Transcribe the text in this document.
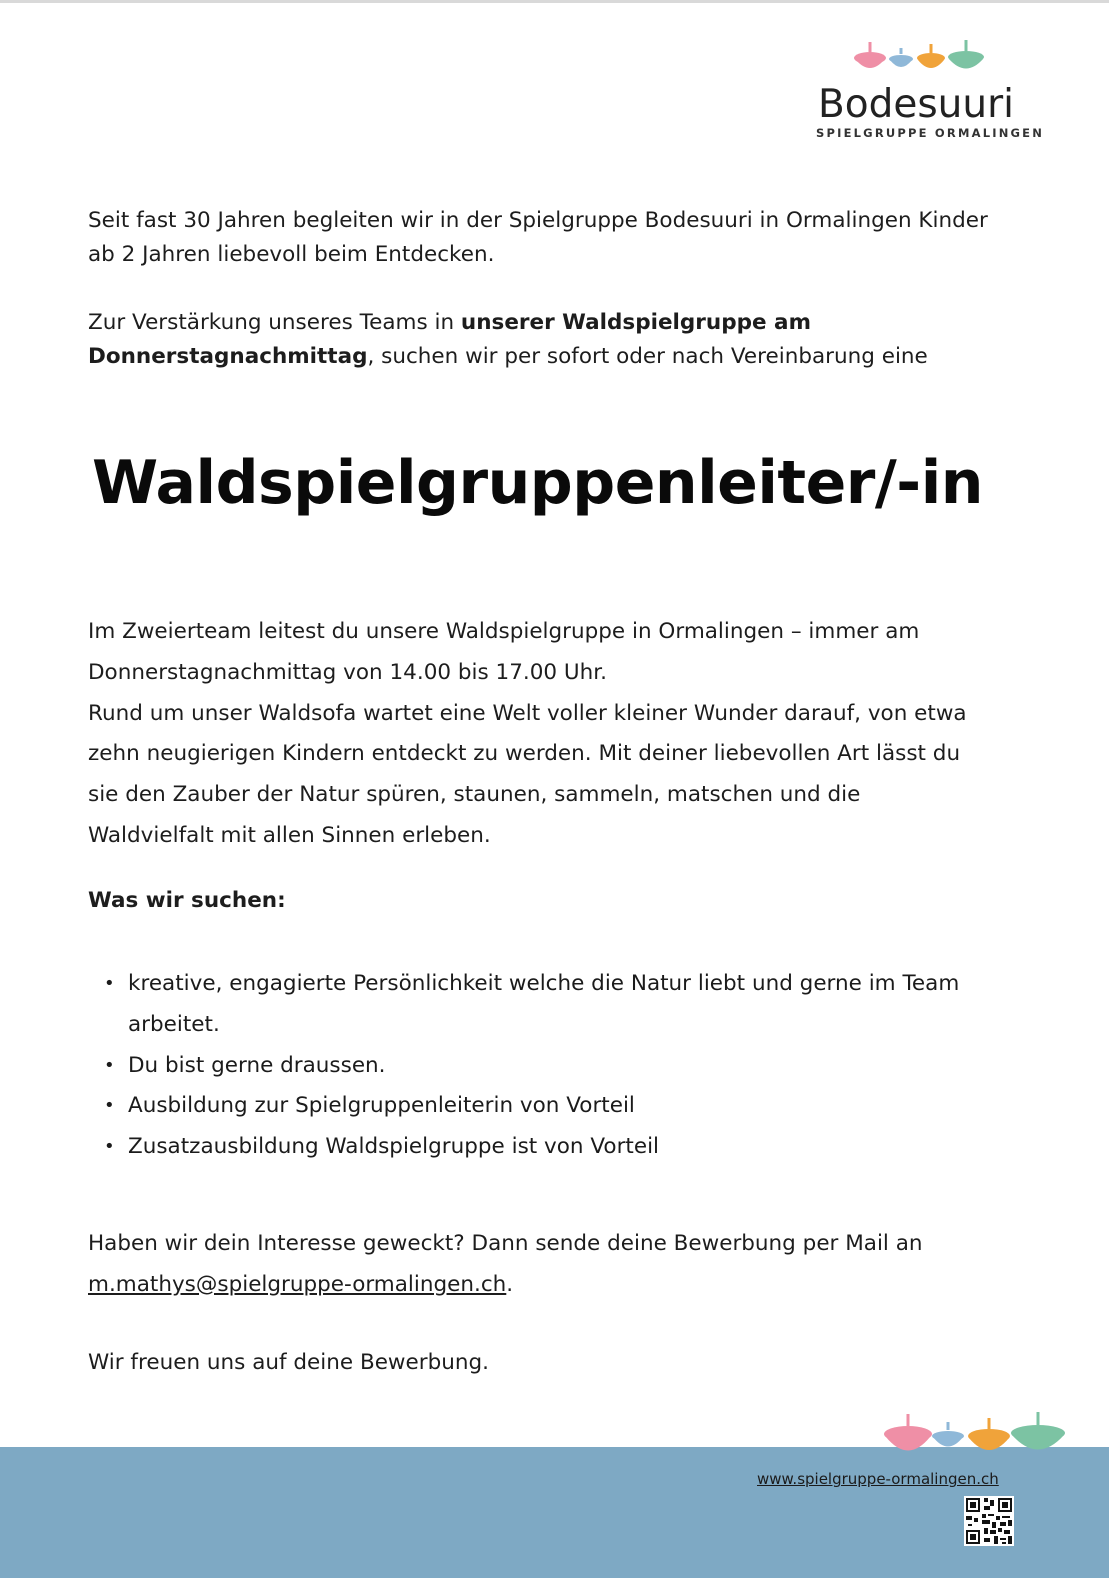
Bodesuuri
SPIELGRUPPE ORMALINGEN

Seit fast 30 Jahren begleiten wir in der Spielgruppe Bodesuuri in Ormalingen Kinder ab 2 Jahren liebevoll beim Entdecken.

Zur Verstärkung unseres Teams in unserer Waldspielgruppe am Donnerstagnachmittag, suchen wir per sofort oder nach Vereinbarung eine

Im Zweierteam leitest du unsere Waldspielgruppe in Ormalingen – immer am Donnerstagnachmittag von 14.00 bis 17.00 Uhr.

Rund um unser Waldsofa wartet eine Welt voller kleiner Wunder darauf, von etwa zehn neugierigen Kindern entdeckt zu werden. Mit deiner liebevollen Art lässt du sie den Zauber der Natur spüren, staunen, sammeln, matschen und die Waldvielfalt mit allen Sinnen erleben.

Was wir suchen:

• kreative, engagierte Persönlichkeit welche die Natur liebt und gerne im Team arbeitet.
• Du bist gerne draussen.
• Ausbildung zur Spielgruppenleiterin von Vorteil
• Zusatzausbildung Waldspielgruppe ist von Vorteil

Haben wir dein Interesse geweckt? Dann sende deine Bewerbung per Mail an m.mathys@spielgruppe-ormalingen.ch.

Wir freuen uns auf deine Bewerbung.

Waldspielgruppenleiter/-in
www.spielgruppe-ormalingen.ch
